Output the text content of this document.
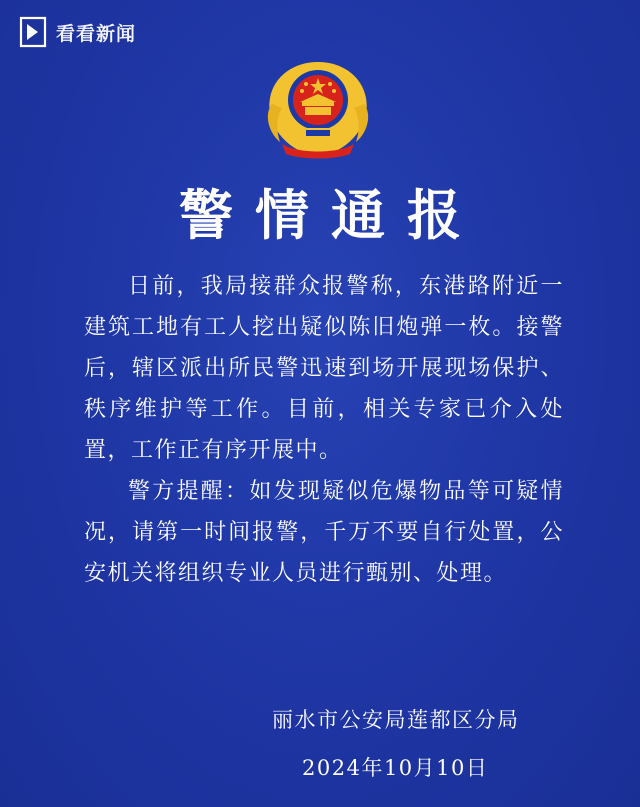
看看新闻
警情通报

日前，我局接群众报警称，东港路附近一建筑工地有工人挖出疑似陈旧炮弹一枚。接警后，辖区派出所民警迅速到场开展现场保护、秩序维护等工作。目前，相关专家已介入处置，工作正有序开展中。

警方提醒：如发现疑似危爆物品等可疑情况，请第一时间报警，千万不要自行处置，公安机关将组织专业人员进行甄别、处理。

丽水市公安局莲都区分局
2024年10月10日
